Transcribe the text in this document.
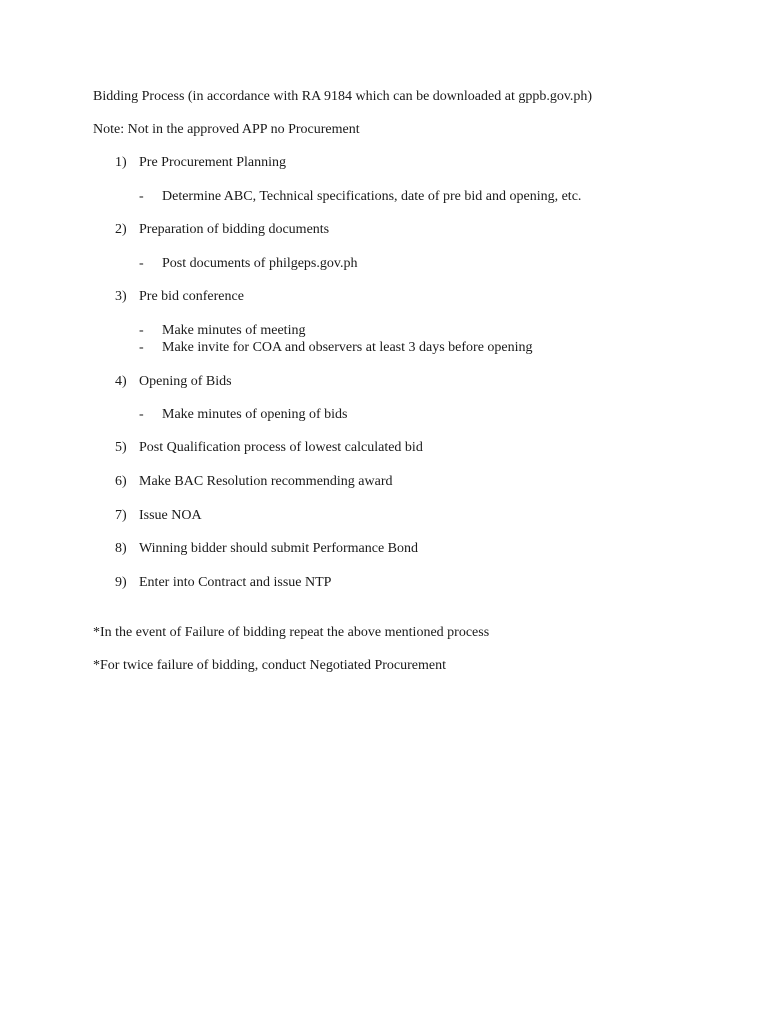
Bidding Process (in accordance with RA 9184 which can be downloaded at gppb.gov.ph)
Note: Not in the approved APP no Procurement
1) Pre Procurement Planning
- Determine ABC, Technical specifications, date of pre bid and opening, etc.
2) Preparation of bidding documents
- Post documents of philgeps.gov.ph
3) Pre bid conference
- Make minutes of meeting
- Make invite for COA and observers at least 3 days before opening
4) Opening of Bids
- Make minutes of opening of bids
5) Post Qualification process of lowest calculated bid
6) Make BAC Resolution recommending award
7) Issue NOA
8) Winning bidder should submit Performance Bond
9) Enter into Contract and issue NTP
*In the event of Failure of bidding repeat the above mentioned process
*For twice failure of bidding, conduct Negotiated Procurement
